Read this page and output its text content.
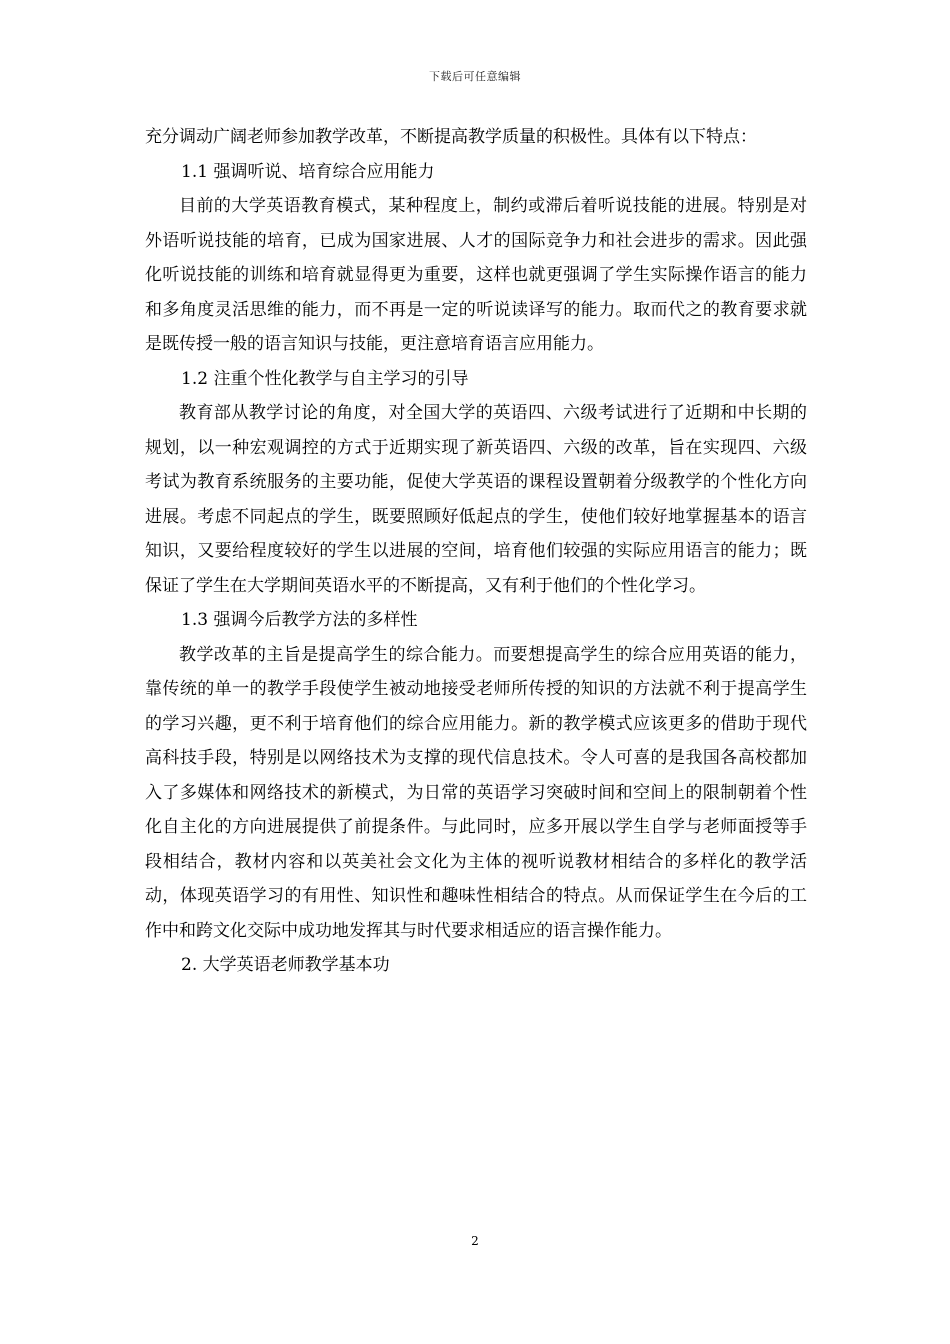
下载后可任意编辑

充分调动广阔老师参加教学改革，不断提高教学质量的积极性。具体有以下特点：

1.1 强调听说、培育综合应用能力

目前的大学英语教育模式，某种程度上，制约或滞后着听说技能的进展。特别是对外语听说技能的培育，已成为国家进展、人才的国际竞争力和社会进步的需求。因此强化听说技能的训练和培育就显得更为重要，这样也就更强调了学生实际操作语言的能力和多角度灵活思维的能力，而不再是一定的听说读译写的能力。取而代之的教育要求就是既传授一般的语言知识与技能，更注意培育语言应用能力。

1.2 注重个性化教学与自主学习的引导

教育部从教学讨论的角度，对全国大学的英语四、六级考试进行了近期和中长期的规划，以一种宏观调控的方式于近期实现了新英语四、六级的改革，旨在实现四、六级考试为教育系统服务的主要功能，促使大学英语的课程设置朝着分级教学的个性化方向进展。考虑不同起点的学生，既要照顾好低起点的学生，使他们较好地掌握基本的语言知识，又要给程度较好的学生以进展的空间，培育他们较强的实际应用语言的能力；既保证了学生在大学期间英语水平的不断提高，又有利于他们的个性化学习。

1.3 强调今后教学方法的多样性

教学改革的主旨是提高学生的综合能力。而要想提高学生的综合应用英语的能力，靠传统的单一的教学手段使学生被动地接受老师所传授的知识的方法就不利于提高学生的学习兴趣，更不利于培育他们的综合应用能力。新的教学模式应该更多的借助于现代高科技手段，特别是以网络技术为支撑的现代信息技术。令人可喜的是我国各高校都加入了多媒体和网络技术的新模式，为日常的英语学习突破时间和空间上的限制朝着个性化自主化的方向进展提供了前提条件。与此同时，应多开展以学生自学与老师面授等手段相结合，教材内容和以英美社会文化为主体的视听说教材相结合的多样化的教学活动，体现英语学习的有用性、知识性和趣味性相结合的特点。从而保证学生在今后的工作中和跨文化交际中成功地发挥其与时代要求相适应的语言操作能力。

2. 大学英语老师教学基本功

2
